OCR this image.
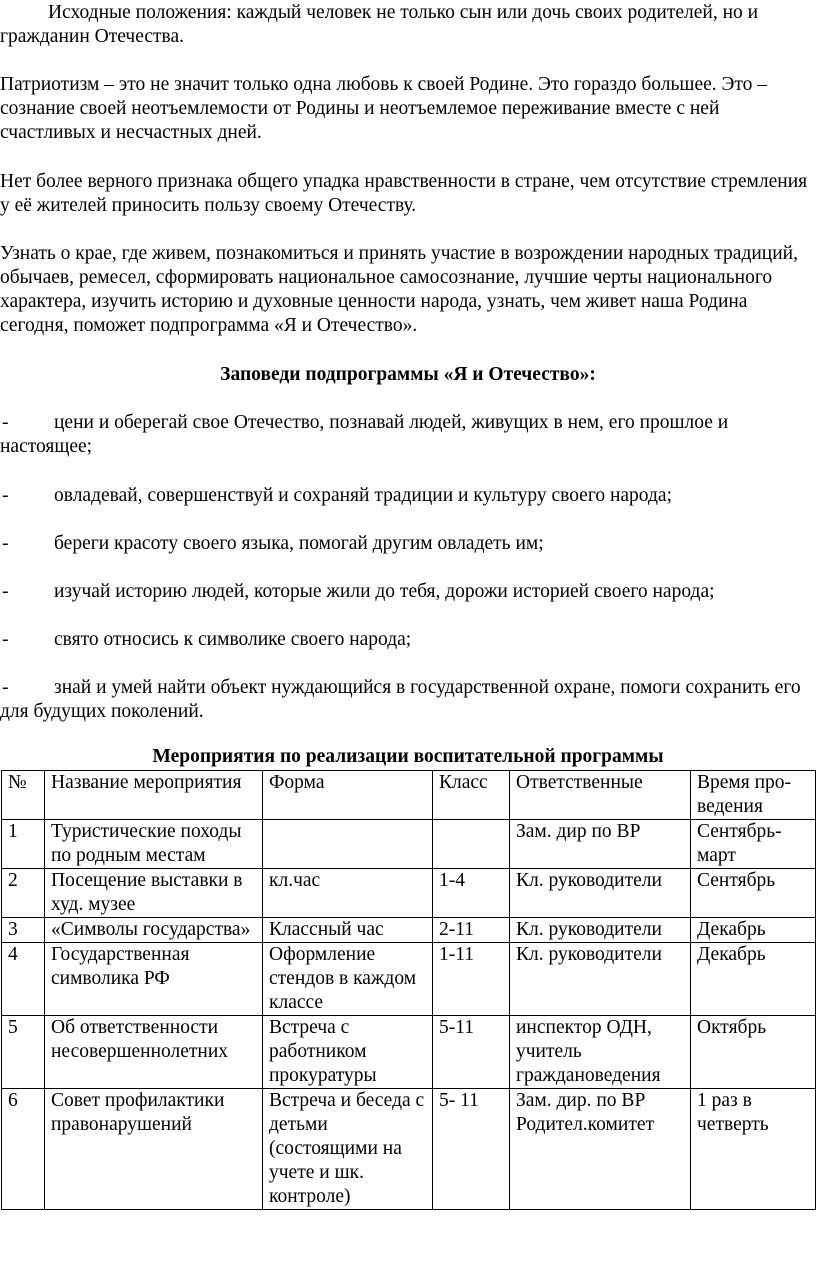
Исходные положения: каждый человек не только сын или дочь своих родителей, но и гражданин Отечества.

Патриотизм – это не значит только одна любовь к своей Родине. Это гораздо большее. Это – сознание своей неотъемлемости от Родины и неотъемлемое переживание вместе с ней счастливых и несчастных дней.

Нет более верного признака общего упадка нравственности в стране, чем отсутствие стремления у её жителей приносить пользу своему Отечеству.

Узнать о крае, где живем, познакомиться и принять участие в возрождении народных традиций, обычаев, ремесел, сформировать национальное самосознание, лучшие черты национального характера, изучить историю и духовные ценности народа, узнать, чем живет наша Родина сегодня, поможет подпрограмма «Я и Отечество».

Заповеди подпрограммы «Я и Отечество»:

- цени и оберегай свое Отечество, познавай людей, живущих в нем, его прошлое и настоящее;

- овладевай, совершенствуй и сохраняй традиции и культуру своего народа;

- береги красоту своего языка, помогай другим овладеть им;

- изучай историю людей, которые жили до тебя, дорожи историей своего народа;

- свято относись к символике своего народа;

- знай и умей найти объект нуждающийся в государственной охране, помоги сохранить его для будущих поколений.

Мероприятия по реализации воспитательной программы

№	Название мероприятия	Форма	Класс	Ответственные	Время про-ведения
1	Туристические походы по родным местам			Зам. дир по ВР	Сентябрь-март
2	Посещение выставки в худ. музее	кл.час	1-4	Кл. руководители	Сентябрь
3	«Символы государства»	Классный час	2-11	Кл. руководители	Декабрь
4	Государственная символика РФ	Оформление стендов в каждом классе	1-11	Кл. руководители	Декабрь
5	Об ответственности несовершеннолетних	Встреча с работником прокуратуры	5-11	инспектор ОДН, учитель граждановедения	Октябрь
6	Совет профилактики правонарушений	Встреча и беседа с детьми (состоящими на учете и шк. контроле)	5- 11	Зам. дир. по ВР Родител.комитет	1 раз в четверть
